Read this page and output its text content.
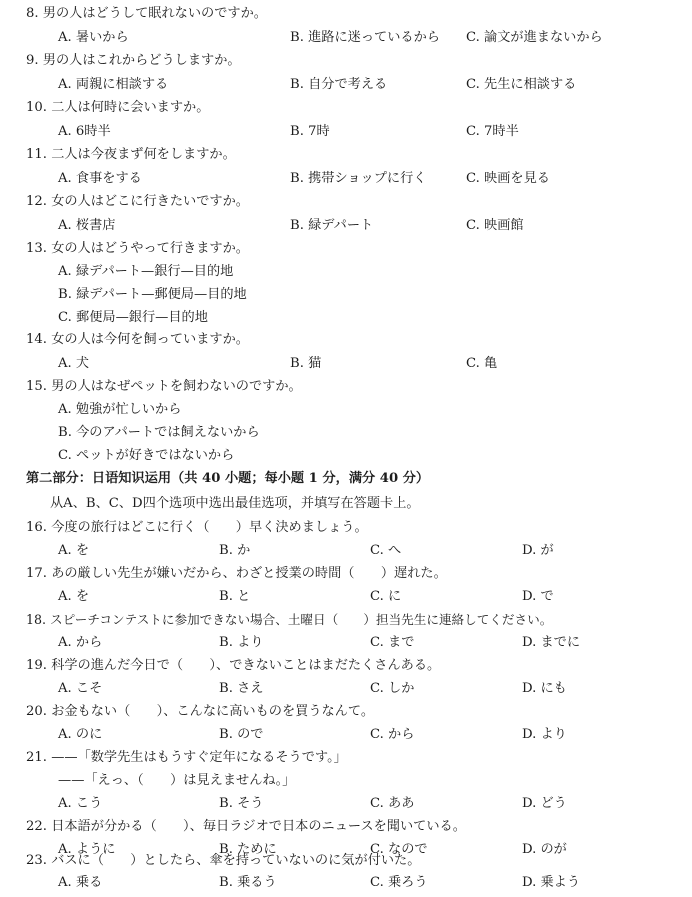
8. 男の人はどうして眠れないのですか。
A. 暑いから	B. 進路に迷っているから C. 論文が進まないから
9. 男の人はこれからどうしますか。
A. 両親に相談する	B. 自分で考える	C. 先生に相談する
10. 二人は何時に会いますか。
A. 6時半	B. 7時	C. 7時半
11. 二人は今夜まず何をしますか。
A. 食事をする	B. 携帯ショップに行く	C. 映画を見る
12. 女の人はどこに行きたいですか。
A. 桜書店	B. 緑デパート	C. 映画館
13. 女の人はどうやって行きますか。
A. 緑デパート—銀行—目的地
B. 緑デパート—郵便局—目的地
C. 郵便局—銀行—目的地
14. 女の人は今何を飼っていますか。
A. 犬	B. 猫	C. 亀
15. 男の人はなぜペットを飼わないのですか。
A. 勉強が忙しいから
B. 今のアパートでは飼えないから
C. ペットが好きではないから
第二部分：日语知识运用（共 40 小题；每小题 1 分，满分 40 分）
从A、B、C、D四个选项中选出最佳选项，并填写在答题卡上。
16. 今度の旅行はどこに行く（　　）早く決めましょう。
A. を	B. か	C. へ	D. が
17. あの厳しい先生が嫌いだから、わざと授業の時間（　　）遅れた。
A. を	B. と	C. に	D. で
18. スピーチコンテストに参加できない場合、土曜日（　　）担当先生に連絡してください。
A. から	B. より	C. まで	D. までに
19. 科学の進んだ今日で（　　）、できないことはまだたくさんある。
A. こそ	B. さえ	C. しか	D. にも
20. お金もない（　　）、こんなに高いものを買うなんて。
A. のに	B. ので	C. から	D. より
21. ——「数学先生はもうすぐ定年になるそうです。」
——「えっ、（　　）は見えませんね。」
A. こう	B. そう	C. ああ	D. どう
22. 日本語が分かる（　　）、毎日ラジオで日本のニュースを聞いている。
A. ように	B. ために	C. なので	D. のが
23. バスに（　　）としたら、傘を持っていないのに気が付いた。
A. 乗る	B. 乗るう	C. 乗ろう	D. 乗よう
